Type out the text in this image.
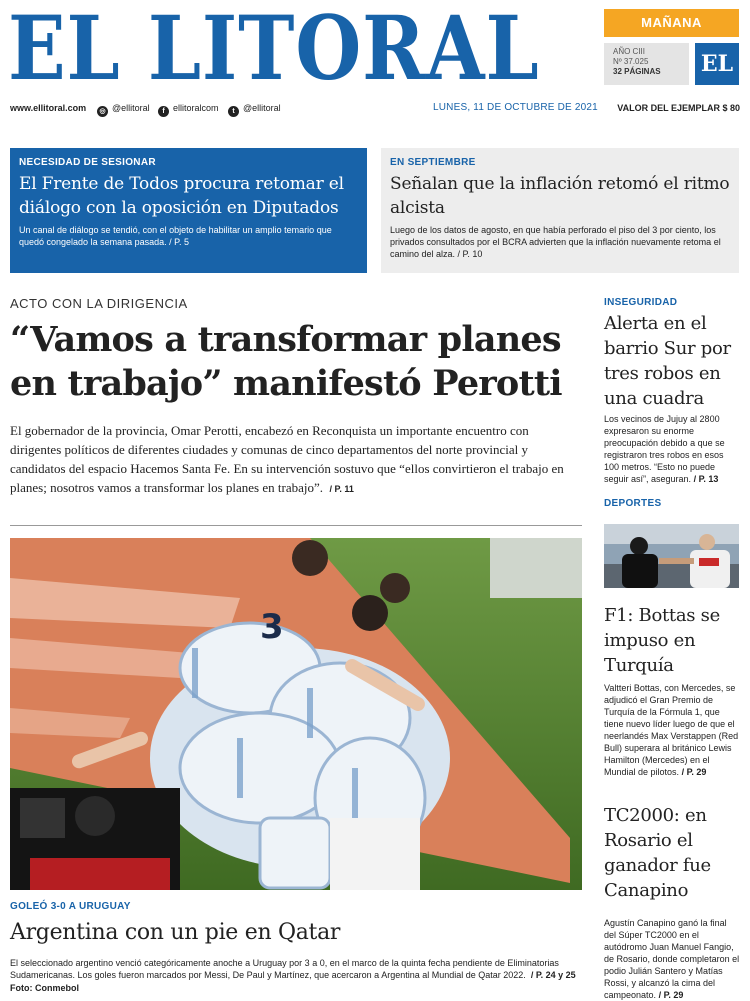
EL LITORAL	MAÑANA
AÑO CIII
Nº 37.025
32 PÁGINAS	EL
www.ellitoral.com	◎ @ellitoral	f ellitoralcom	t @ellitoral	LUNES, 11 DE OCTUBRE DE 2021 VALOR DEL EJEMPLAR $ 80
NECESIDAD DE SESIONAR
El Frente de Todos procura retomar el diálogo con la oposición en Diputados
Un canal de diálogo se tendió, con el objeto de habilitar un amplio temario que quedó congelado la semana pasada. / P. 5
EN SEPTIEMBRE
Señalan que la inflación retomó el ritmo alcista
Luego de los datos de agosto, en que había perforado el piso del 3 por ciento, los privados consultados por el BCRA advierten que la inflación nuevamente retoma el camino del alza. / P. 10
ACTO CON LA DIRIGENCIA
“Vamos a transformar planes en trabajo” manifestó Perotti
El gobernador de la provincia, Omar Perotti, encabezó en Reconquista un importante encuentro con dirigentes políticos de diferentes ciudades y comunas de cinco departamentos del norte provincial y candidatos del espacio Hacemos Santa Fe. En su intervención sostuvo que “ellos convirtieron el trabajo en planes; nosotros vamos a transformar los planes en trabajo”. / P. 11
3
GOLEÓ 3-0 A URUGUAY
Argentina con un pie en Qatar
El seleccionado argentino venció categóricamente anoche a Uruguay por 3 a 0, en el marco de la quinta fecha pendiente de Eliminatorias Sudamericanas. Los goles fueron marcados por Messi, De Paul y Martínez, que acercaron a Argentina al Mundial de Qatar 2022. / P. 24 y 25
Foto: Conmebol
INSEGURIDAD
Alerta en el barrio Sur por tres robos en una cuadra
Los vecinos de Jujuy al 2800 expresaron su enorme preocupación debido a que se registraron tres robos en esos 100 metros. “Esto no puede seguir así”, aseguran. / P. 13
DEPORTES
F1: Bottas se impuso en Turquía
Valtteri Bottas, con Mercedes, se adjudicó el Gran Premio de Turquía de la Fórmula 1, que tiene nuevo líder luego de que el neerlandés Max Verstappen (Red Bull) superara al británico Lewis Hamilton (Mercedes) en el Mundial de pilotos. / P. 29
TC2000: en Rosario el ganador fue Canapino
Agustín Canapino ganó la final del Súper TC2000 en el autódromo Juan Manuel Fangio, de Rosario, donde completaron el podio Julián Santero y Matías Rossi, y alcanzó la cima del campeonato. / P. 29
